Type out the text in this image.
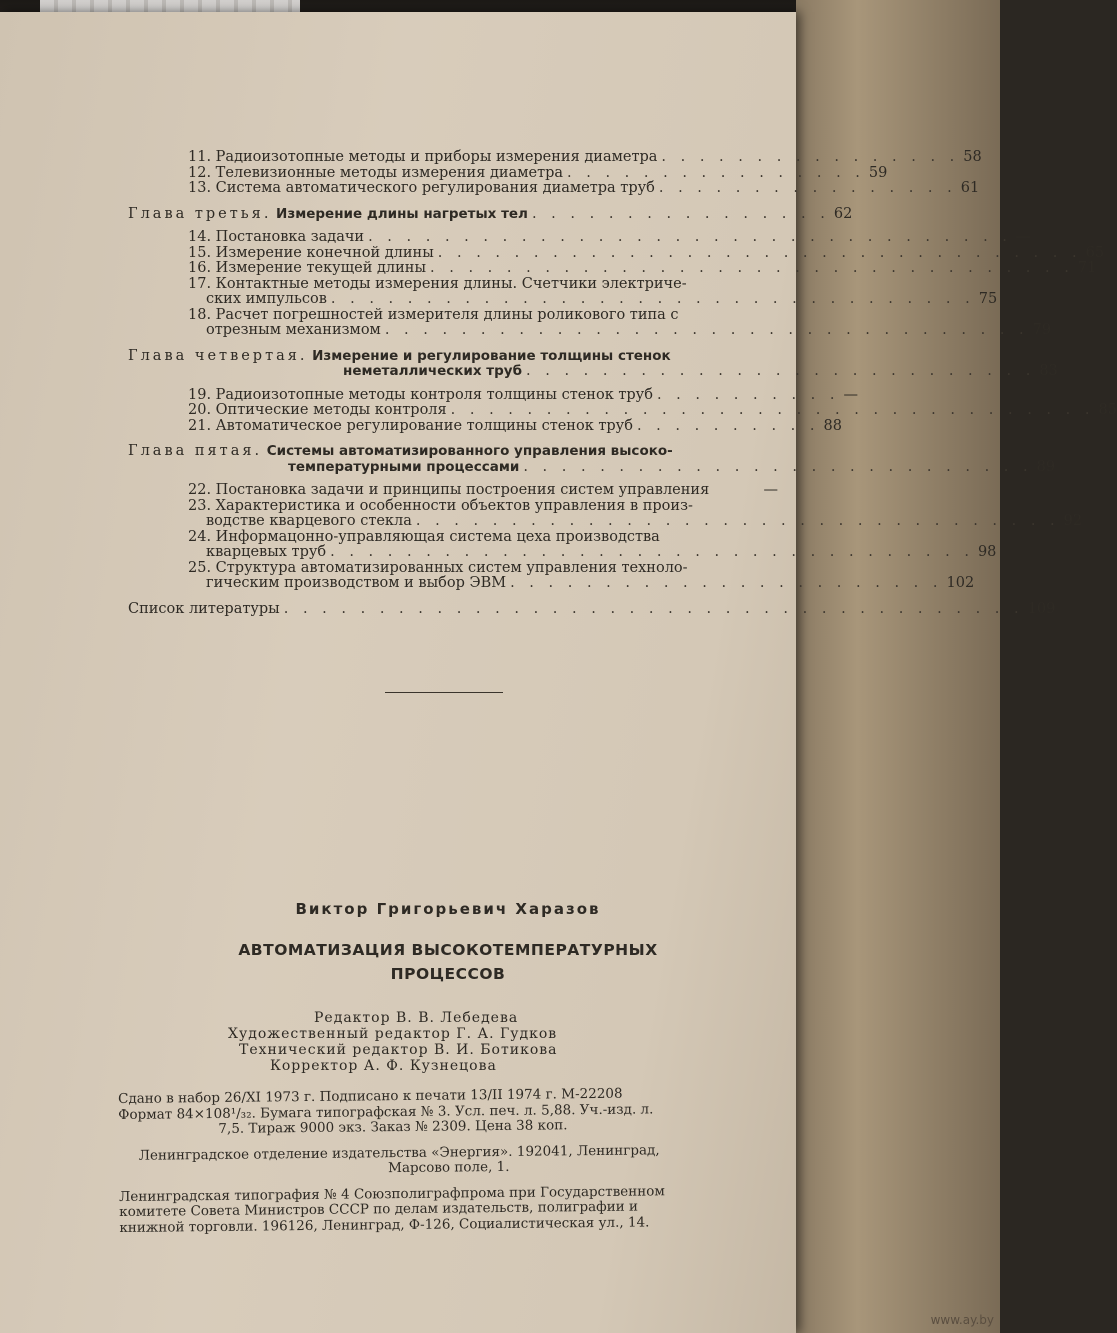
11. Радиоизотопные методы и приборы измерения диаметра . . . . . . . . . . . . . . . . 58
12. Телевизионные методы измерения диаметра . . . . . . . . . . . . . . . . 59
13. Система автоматического регулирования диаметра труб . . . . . . . . . . . . . . . . 61
Глава третья. Измерение длины нагретых тел . . . . . . . . . . . . . . . . 62
14. Постановка задачи . . . . . . . . . . . . . . . . . . . . . . . . . . . . . . . . . . —
15. Измерение конечной длины . . . . . . . . . . . . . . . . . . . . . . . . . . . . . . . . . . 65
16. Измерение текущей длины . . . . . . . . . . . . . . . . . . . . . . . . . . . . . . . . . . 71
17. Контактные методы измерения длины. Счетчики электриче-
ских импульсов . . . . . . . . . . . . . . . . . . . . . . . . . . . . . . . . . . 75
18. Расчет погрешностей измерителя длины роликового типа с
отрезным механизмом . . . . . . . . . . . . . . . . . . . . . . . . . . . . . . . . . . 79
Глава четвертая. Измерение и регулирование толщины стенок
неметаллических труб . . . . . . . . . . . . . . . . . . . . . . . . . . . 83
19. Радиоизотопные методы контроля толщины стенок труб . . . . . . . . . . —
20. Оптические методы контроля . . . . . . . . . . . . . . . . . . . . . . . . . . . . . . . . . . 85
21. Автоматическое регулирование толщины стенок труб . . . . . . . . . . 88
Глава пятая. Системы автоматизированного управления высоко-
температурными процессами . . . . . . . . . . . . . . . . . . . . . . . . . . . 89
22. Постановка задачи и принципы построения систем управления	—
23. Характеристика и особенности объектов управления в произ-
водстве кварцевого стекла . . . . . . . . . . . . . . . . . . . . . . . . . . . . . . . . . . 92
24. Информацонно-управляющая система цеха производства
кварцевых труб . . . . . . . . . . . . . . . . . . . . . . . . . . . . . . . . . . 98
25. Структура автоматизированных систем управления техноло-
гическим производством и выбор ЭВМ . . . . . . . . . . . . . . . . . . . . . . . 102
Список литературы . . . . . . . . . . . . . . . . . . . . . . . . . . . . . . . . . . . . . . . 109
Виктор Григорьевич Харазов
АВТОМАТИЗАЦИЯ ВЫСОКОТЕМПЕРАТУРНЫХ
ПРОЦЕССОВ
Редактор В. В. Лебедева
Художественный редактор Г. А. Гудков
Технический редактор В. И. Ботикова
Корректор А. Ф. Кузнецова
Сдано в набор 26/XI 1973 г. Подписано к печати 13/II 1974 г. М-22208
Формат 84×108¹/₃₂. Бумага типографская № 3. Усл. печ. л. 5,88. Уч.-изд. л.
7,5. Тираж 9000 экз. Заказ № 2309. Цена 38 коп.
Ленинградское отделение издательства «Энергия». 192041, Ленинград,
Марсово поле, 1.
Ленинградская типография № 4 Союзполиграфпрома при Государственном
комитете Совета Министров СССР по делам издательств, полиграфии и
книжной торговли. 196126, Ленинград, Ф-126, Социалистическая ул., 14.
www.ay.by
